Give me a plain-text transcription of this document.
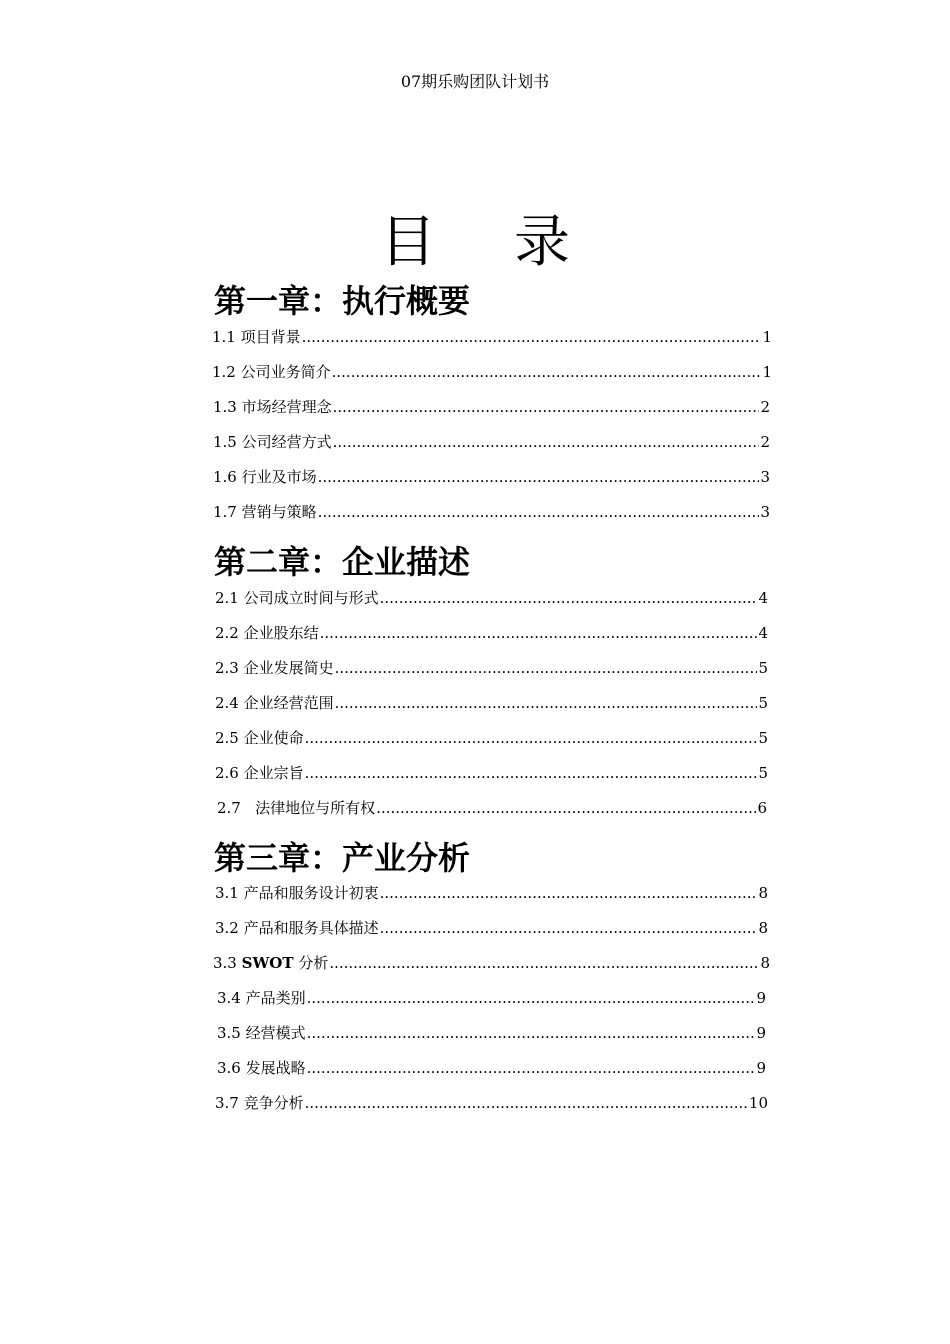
07期乐购团队计划书
目录
第一章：执行概要
1.1 项目背景 .....	1
1.2 公司业务简介 .....	1
1.3 市场经营理念 .....	2
1.5 公司经营方式 .....	2
1.6 行业及市场 .....	3
1.7 营销与策略 .....	3
第二章：企业描述
2.1 公司成立时间与形式 .....	4
2.2 企业股东结 .....	4
2.3 企业发展简史 .....	5
2.4 企业经营范围 .....	5
2.5 企业使命 .....	5
2.6 企业宗旨 .....	5
2.7   法律地位与所有权 .....	6
第三章：产业分析
3.1 产品和服务设计初衷 .....	8
3.2 产品和服务具体描述 .....	8
3.3 SWOT 分析 .....	8
3.4 产品类别 .....	9
3.5 经营模式 .....	9
3.6 发展战略 .....	9
3.7 竞争分析 .....	10
